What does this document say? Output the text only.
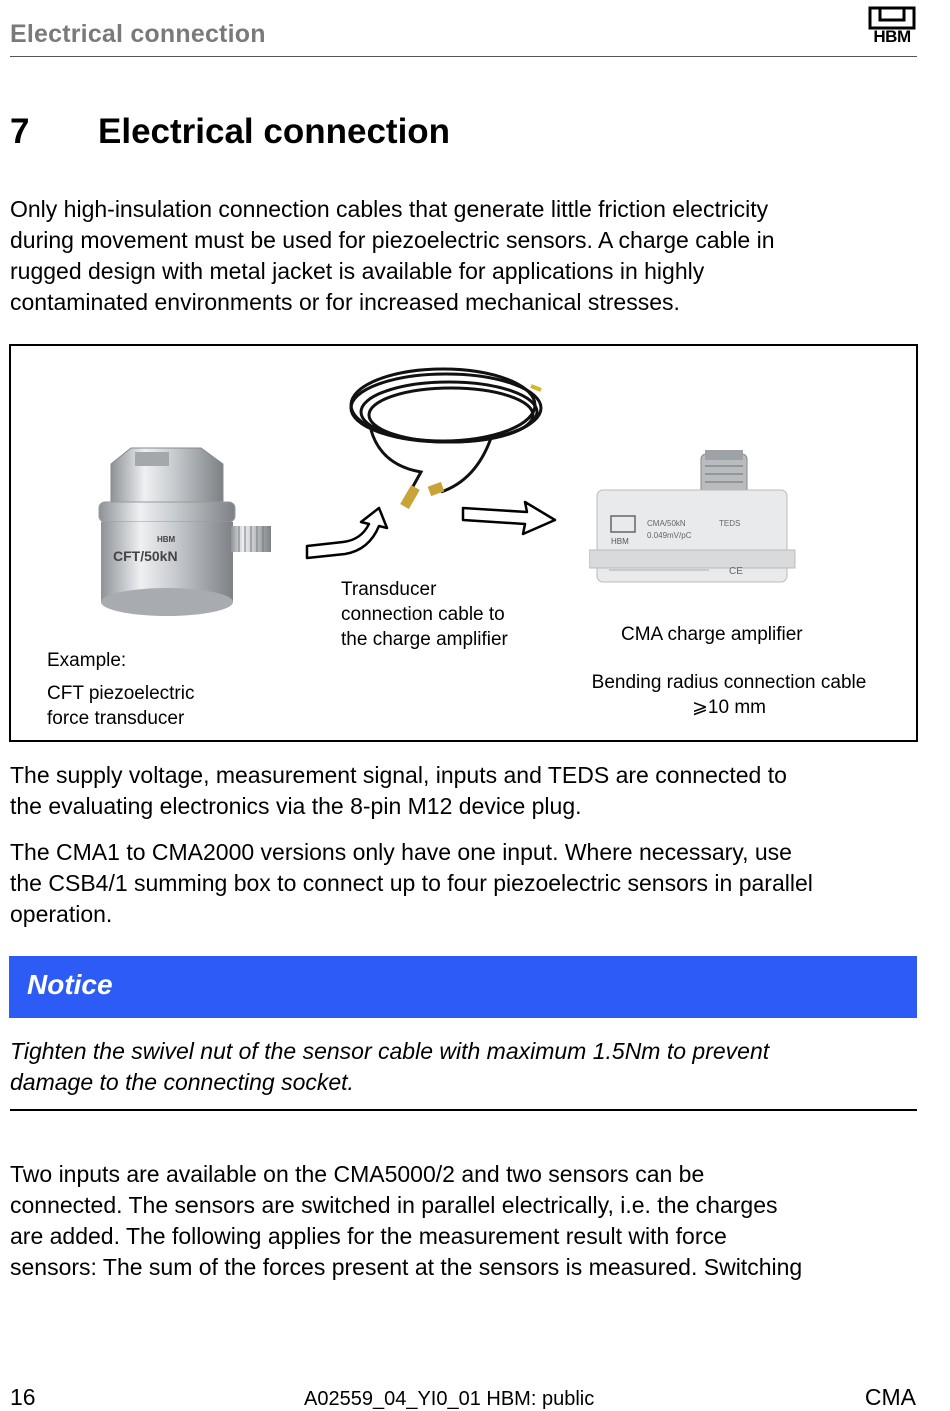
Electrical connection	HBM
7 Electrical connection
Only high-insulation connection cables that generate little friction electricity
during movement must be used for piezoelectric sensors. A charge cable in
rugged design with metal jacket is available for applications in highly
contaminated environments or for increased mechanical stresses.
CFT/50kN
HBM	HBM
CMA/50kN
0.049mV/pC
TEDS
CE
Transducer
connection cable to
the charge amplifier	CMA charge amplifier
Example:
CFT piezoelectric
force transducer
Bending radius connection cable
⩾10 mm
The supply voltage, measurement signal, inputs and TEDS are connected to
the evaluating electronics via the 8-pin M12 device plug.
The CMA1 to CMA2000 versions only have one input. Where necessary, use
the CSB4/1 summing box to connect up to four piezoelectric sensors in parallel
operation.
Notice
Tighten the swivel nut of the sensor cable with maximum 1.5Nm to prevent
damage to the connecting socket.
Two inputs are available on the CMA5000/2 and two sensors can be
connected. The sensors are switched in parallel electrically, i.e. the charges
are added. The following applies for the measurement result with force
sensors: The sum of the forces present at the sensors is measured. Switching
16	A02559_04_YI0_01 HBM: public	CMA
